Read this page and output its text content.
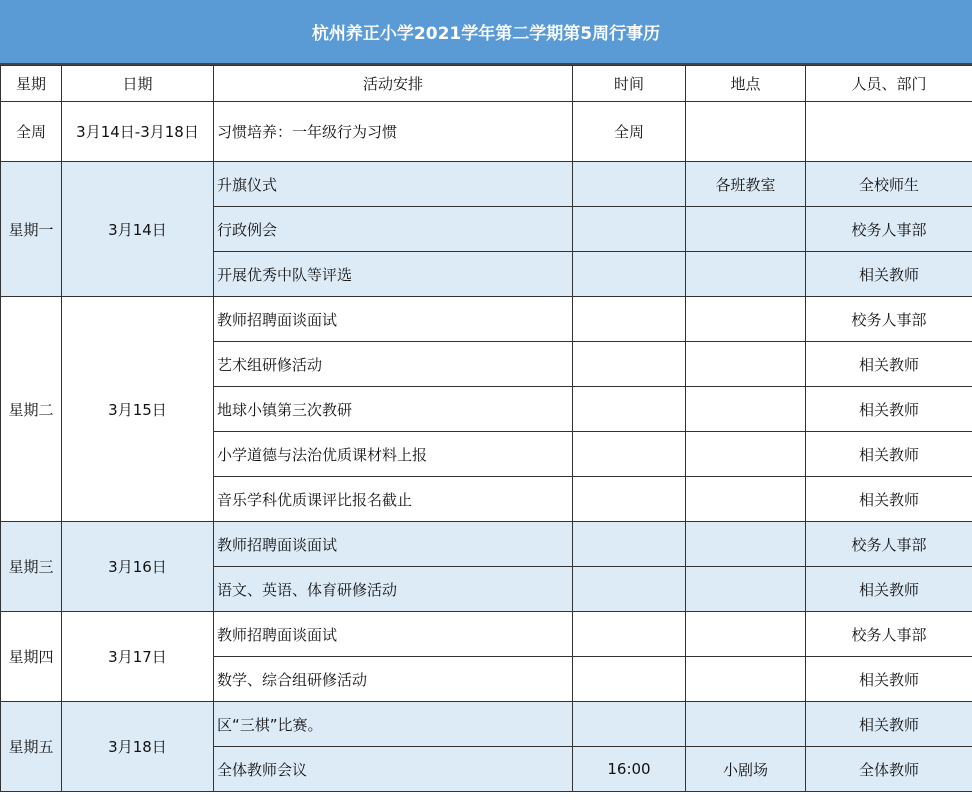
杭州养正小学2021学年第二学期第5周行事历
星期	日期	活动安排	时间	地点	人员、部门
全周	3月14日-3月18日	习惯培养：一年级行为习惯	全周		
星期一	3月14日	升旗仪式		各班教室	全校师生
		行政例会			校务人事部
		开展优秀中队等评选			相关教师
星期二	3月15日	教师招聘面谈面试			校务人事部
		艺术组研修活动			相关教师
		地球小镇第三次教研			相关教师
		小学道德与法治优质课材料上报			相关教师
		音乐学科优质课评比报名截止			相关教师
星期三	3月16日	教师招聘面谈面试			校务人事部
		语文、英语、体育研修活动			相关教师
星期四	3月17日	教师招聘面谈面试			校务人事部
		数学、综合组研修活动			相关教师
星期五	3月18日	区“三棋”比赛。			相关教师
		全体教师会议	16:00	小剧场	全体教师
